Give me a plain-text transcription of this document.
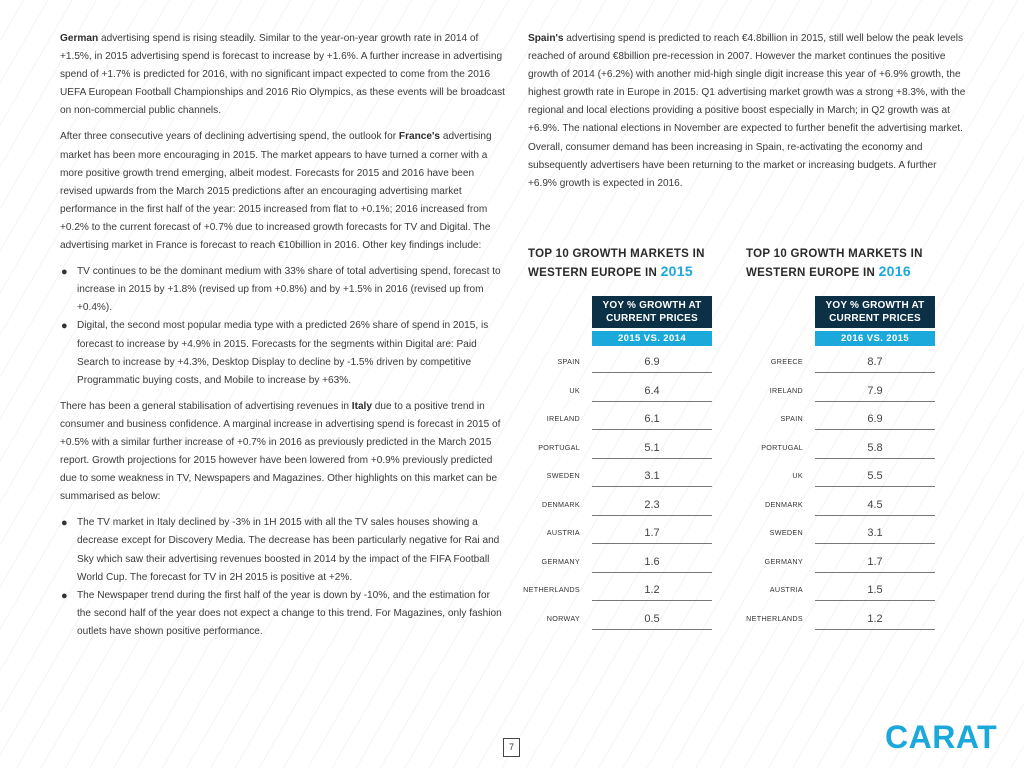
German advertising spend is rising steadily. Similar to the year-on-year growth rate in 2014 of +1.5%, in 2015 advertising spend is forecast to increase by +1.6%. A further increase in advertising spend of +1.7% is predicted for 2016, with no significant impact expected to come from the 2016 UEFA European Football Championships and 2016 Rio Olympics, as these events will be broadcast on non-commercial public channels.

After three consecutive years of declining advertising spend, the outlook for France's advertising market has been more encouraging in 2015. The market appears to have turned a corner with a more positive growth trend emerging, albeit modest. Forecasts for 2015 and 2016 have been revised upwards from the March 2015 predictions after an encouraging advertising market performance in the first half of the year: 2015 increased from flat to +0.1%; 2016 increased from +0.2% to the current forecast of +0.7% due to increased growth forecasts for TV and Digital. The advertising market in France is forecast to reach €10billion in 2016. Other key findings include:

● TV continues to be the dominant medium with 33% share of total advertising spend, forecast to increase in 2015 by +1.8% (revised up from +0.8%) and by +1.5% in 2016 (revised up from +0.4%).
● Digital, the second most popular media type with a predicted 26% share of spend in 2015, is forecast to increase by +4.9% in 2015. Forecasts for the segments within Digital are: Paid Search to increase by +4.3%, Desktop Display to decline by -1.5% driven by competitive Programmatic buying costs, and Mobile to increase by +63%.

There has been a general stabilisation of advertising revenues in Italy due to a positive trend in consumer and business confidence. A marginal increase in advertising spend is forecast in 2015 of +0.5% with a similar further increase of +0.7% in 2016 as previously predicted in the March 2015 report. Growth projections for 2015 however have been lowered from +0.9% previously predicted due to some weakness in TV, Newspapers and Magazines. Other highlights on this market can be summarised as below:

● The TV market in Italy declined by -3% in 1H 2015 with all the TV sales houses showing a decrease except for Discovery Media. The decrease has been particularly negative for Rai and Sky which saw their advertising revenues boosted in 2014 by the impact of the FIFA Football World Cup. The forecast for TV in 2H 2015 is positive at +2%.
● The Newspaper trend during the first half of the year is down by -10%, and the estimation for the second half of the year does not expect a change to this trend. For Magazines, only fashion outlets have shown positive performance.

Spain's advertising spend is predicted to reach €4.8billion in 2015, still well below the peak levels reached of around €8billion pre-recession in 2007. However the market continues the positive growth of 2014 (+6.2%) with another mid-high single digit increase this year of +6.9% growth, the highest growth rate in Europe in 2015. Q1 advertising market growth was a strong +8.3%, with the regional and local elections providing a positive boost especially in March; in Q2 growth was at +6.9%. The national elections in November are expected to further benefit the advertising market. Overall, consumer demand has been increasing in Spain, re-activating the economy and subsequently advertisers have been returning to the market or increasing budgets. A further +6.9% growth is expected in 2016.

TOP 10 GROWTH MARKETS IN
WESTERN EUROPE IN 2015
YOY % GROWTH AT CURRENT PRICES
2015 VS. 2014
SPAIN	6.9
UK	6.4
IRELAND	6.1
PORTUGAL	5.1
SWEDEN	3.1
DENMARK	2.3
AUSTRIA	1.7
GERMANY	1.6
NETHERLANDS	1.2
NORWAY	0.5
TOP 10 GROWTH MARKETS IN
WESTERN EUROPE IN 2016
YOY % GROWTH AT CURRENT PRICES
2016 VS. 2015
GREECE	8.7
IRELAND	7.9
SPAIN	6.9
PORTUGAL	5.8
UK	5.5
DENMARK	4.5
SWEDEN	3.1
GERMANY	1.7
AUSTRIA	1.5
NETHERLANDS	1.2
CARAT
7
